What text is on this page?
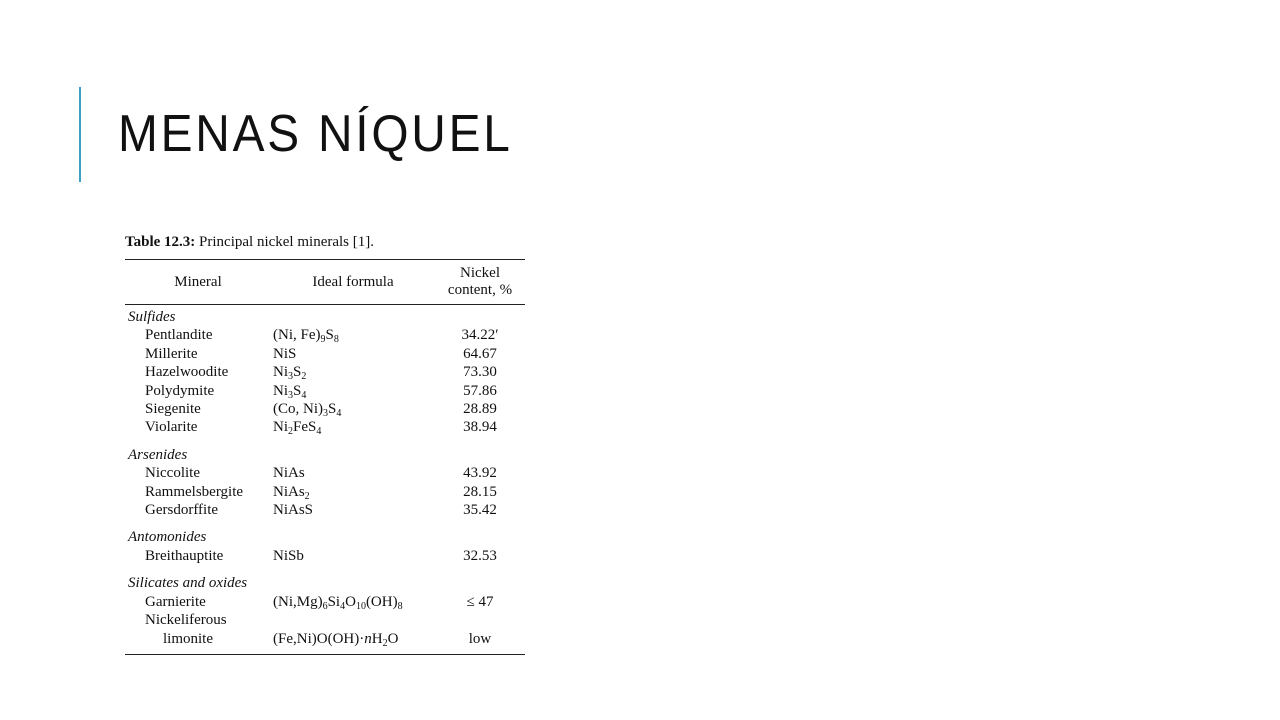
MENAS NÍQUEL

Table 12.3: Principal nickel minerals [1].

Mineral	Ideal formula	Nickel
content, %
Sulfides		
Pentlandite	(Ni, $Fe)_9S_8$	34.22ʹ
Millerite	NiS	64.67
Hazelwoodite	$Ni_3S_2$	73.30
Polydymite	$Ni_3S_4$	57.86
Siegenite	(Co, $Ni)_3S_4$	28.89
Violarite	$Ni_2FeS_4$	38.94
Arsenides		
Niccolite	NiAs	43.92
Rammelsbergite	NiAs$_2$	28.15
Gersdorffite	NiAsS	35.42
Antomonides		
Breithauptite	NiSb	32.53
Silicates and oxides		
Garnierite	$(Ni,Mg)_6Si_4O_{10}(OH)_8$	≤ 47
Nickeliferous		
limonite	$(Fe,Ni)O(OH)\cdot nH_2O$	low
